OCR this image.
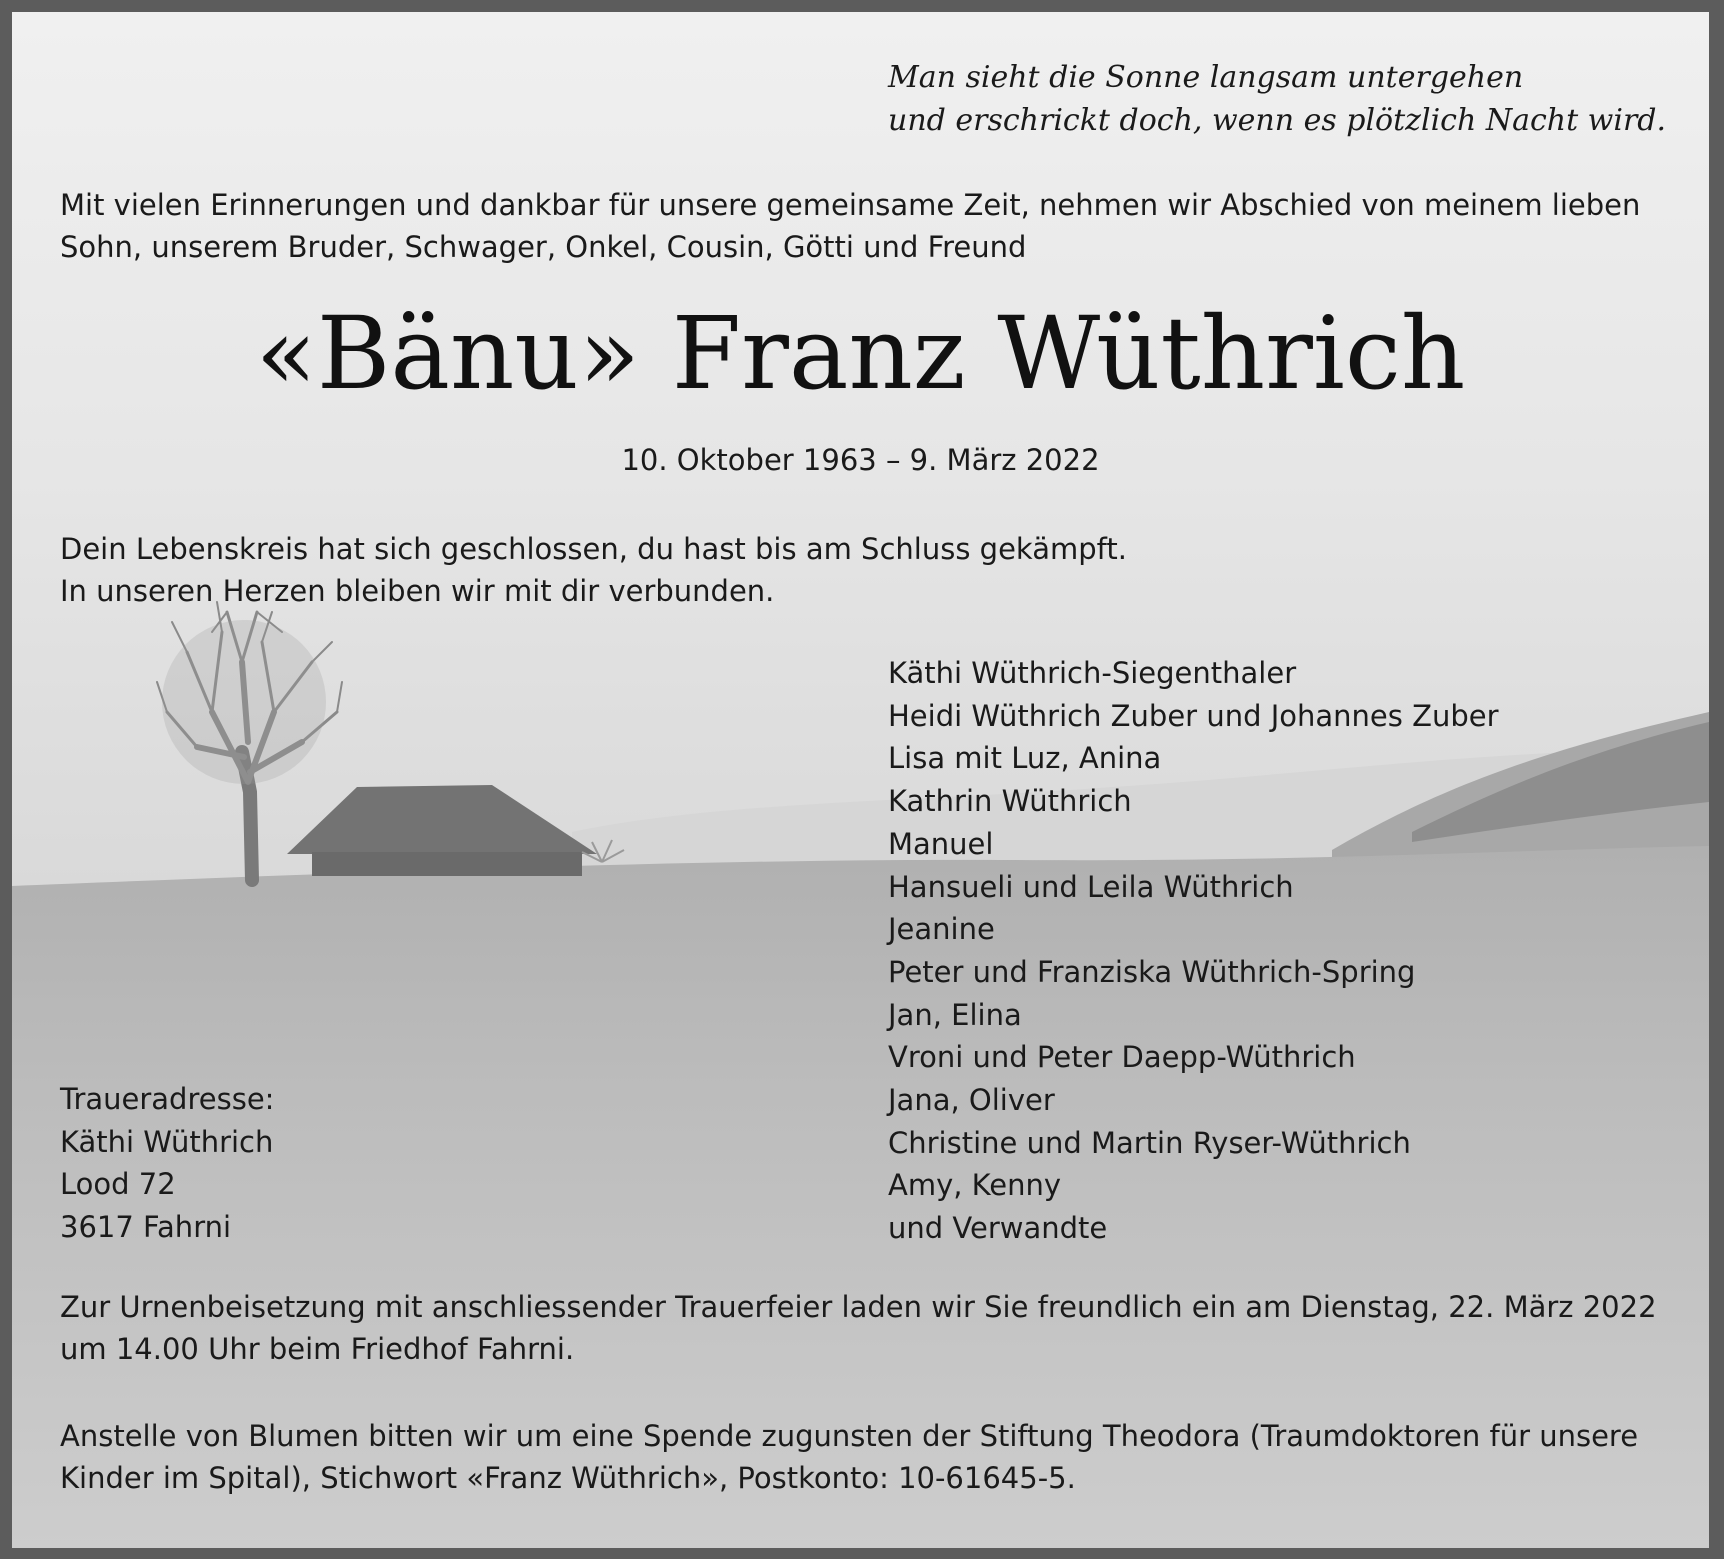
Man sieht die Sonne langsam untergehen
und erschrickt doch, wenn es plötzlich Nacht wird.
Mit vielen Erinnerungen und dankbar für unsere gemeinsame Zeit, nehmen wir Abschied von meinem lieben
Sohn, unserem Bruder, Schwager, Onkel, Cousin, Götti und Freund
«Bänu» Franz Wüthrich
10. Oktober 1963 – 9. März 2022
Dein Lebenskreis hat sich geschlossen, du hast bis am Schluss gekämpft.
In unseren Herzen bleiben wir mit dir verbunden.
Käthi Wüthrich-Siegenthaler
Heidi Wüthrich Zuber und Johannes Zuber
Lisa mit Luz, Anina
Kathrin Wüthrich
Manuel
Hansueli und Leila Wüthrich
Jeanine
Peter und Franziska Wüthrich-Spring
Jan, Elina
Vroni und Peter Daepp-Wüthrich
Jana, Oliver
Christine und Martin Ryser-Wüthrich
Amy, Kenny
und Verwandte
Traueradresse:
Käthi Wüthrich
Lood 72
3617 Fahrni
Zur Urnenbeisetzung mit anschliessender Trauerfeier laden wir Sie freundlich ein am Dienstag, 22. März 2022
um 14.00 Uhr beim Friedhof Fahrni.
Anstelle von Blumen bitten wir um eine Spende zugunsten der Stiftung Theodora (Traumdoktoren für unsere
Kinder im Spital), Stichwort «Franz Wüthrich», Postkonto: 10-61645-5.
